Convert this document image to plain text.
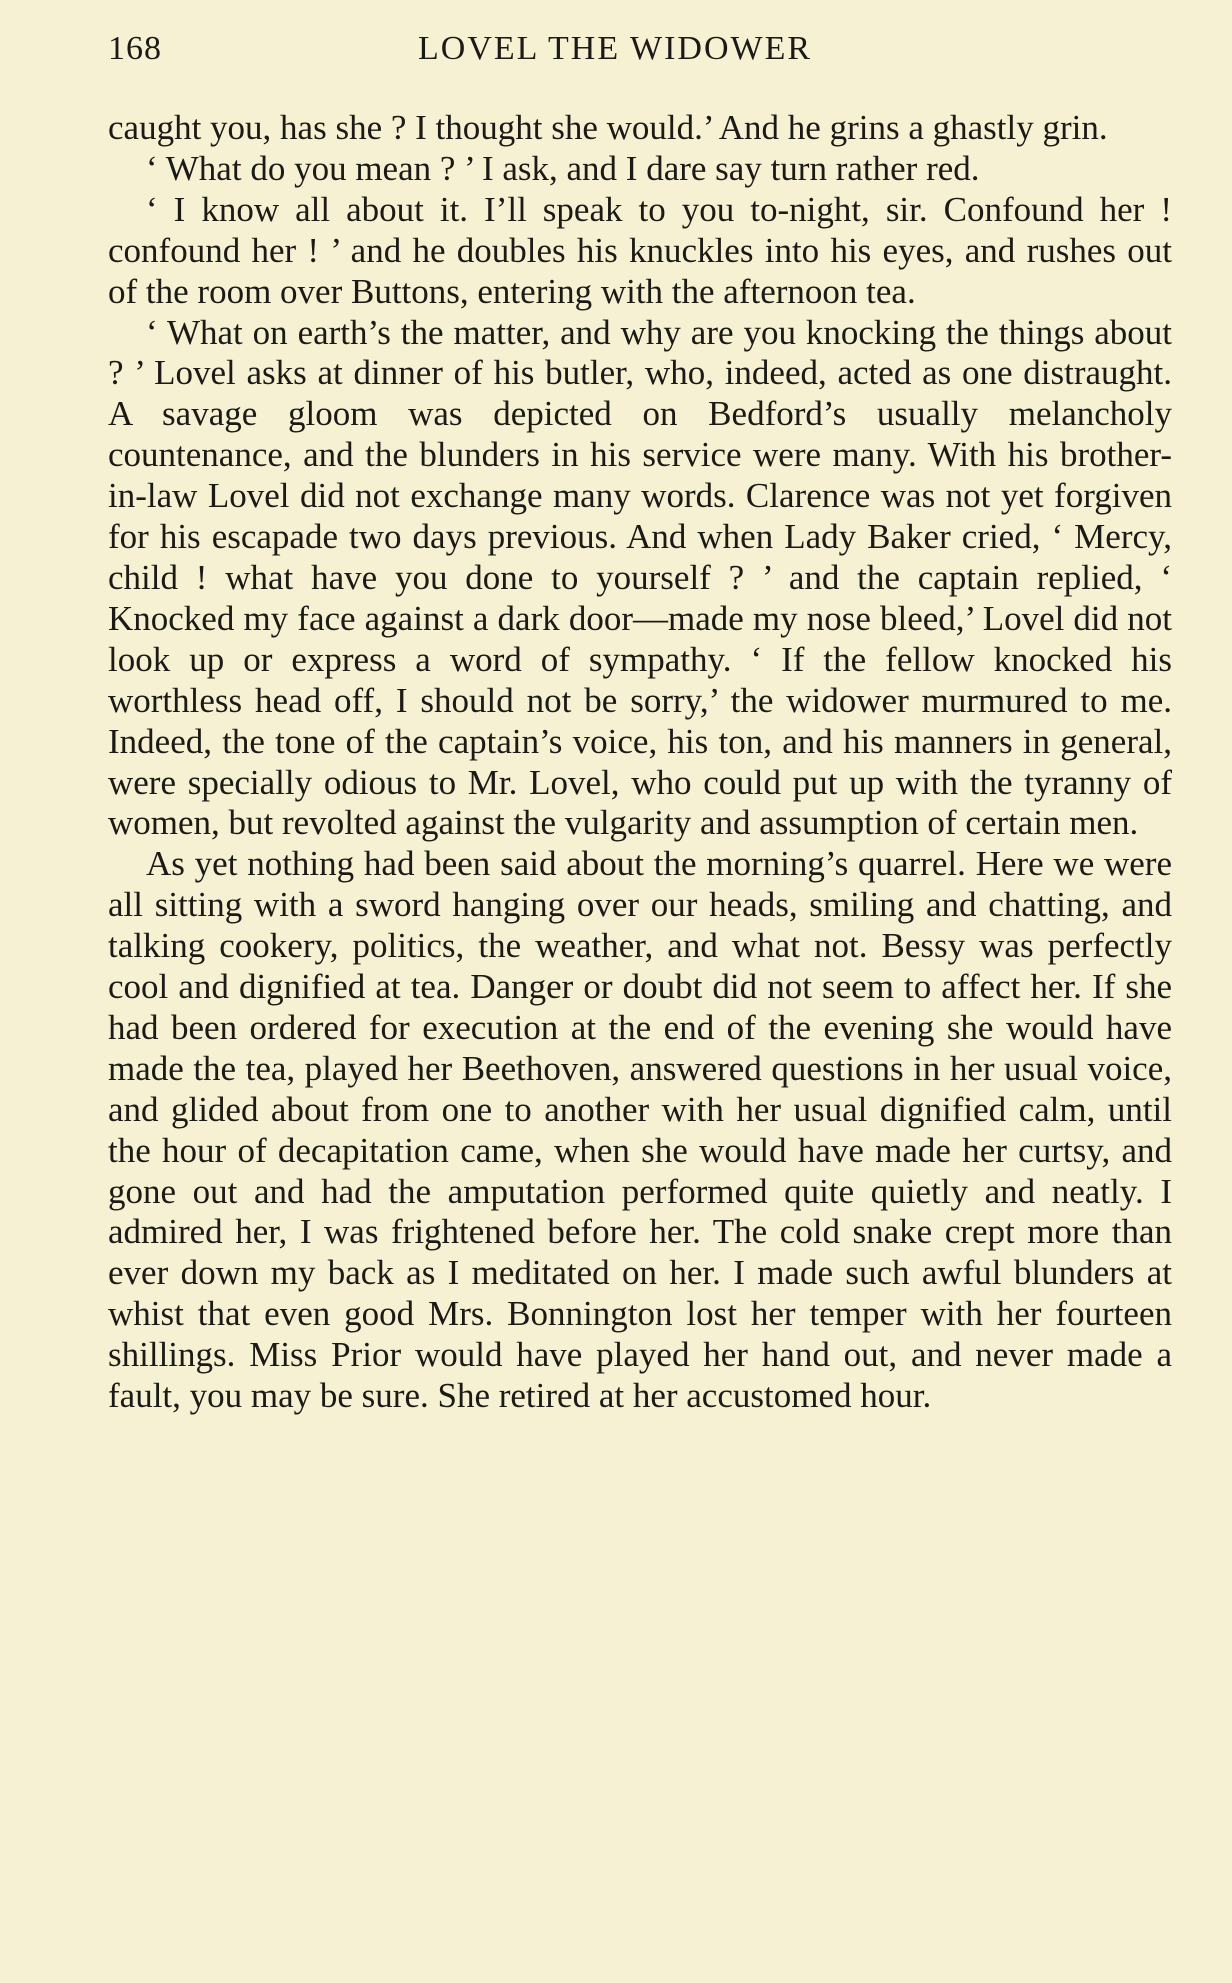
168	LOVEL THE WIDOWER

caught you, has she ? I thought she would.’ And he grins a ghastly grin.

‘ What do you mean ? ’ I ask, and I dare say turn rather red.

‘ I know all about it. I’ll speak to you to-night, sir. Confound her ! confound her ! ’ and he doubles his knuckles into his eyes, and rushes out of the room over Buttons, entering with the afternoon tea.

‘ What on earth’s the matter, and why are you knocking the things about ? ’ Lovel asks at dinner of his butler, who, indeed, acted as one distraught. A savage gloom was depicted on Bedford’s usually melancholy countenance, and the blunders in his service were many. With his brother-in-law Lovel did not exchange many words. Clarence was not yet forgiven for his escapade two days previous. And when Lady Baker cried, ‘ Mercy, child ! what have you done to yourself ? ’ and the captain replied, ‘ Knocked my face against a dark door—made my nose bleed,’ Lovel did not look up or express a word of sympathy. ‘ If the fellow knocked his worthless head off, I should not be sorry,’ the widower murmured to me. Indeed, the tone of the captain’s voice, his ton, and his manners in general, were specially odious to Mr. Lovel, who could put up with the tyranny of women, but revolted against the vulgarity and assumption of certain men.

As yet nothing had been said about the morning’s quarrel. Here we were all sitting with a sword hanging over our heads, smiling and chatting, and talking cookery, politics, the weather, and what not. Bessy was perfectly cool and dignified at tea. Danger or doubt did not seem to affect her. If she had been ordered for execution at the end of the evening she would have made the tea, played her Beethoven, answered questions in her usual voice, and glided about from one to another with her usual dignified calm, until the hour of decapitation came, when she would have made her curtsy, and gone out and had the amputation performed quite quietly and neatly. I admired her, I was frightened before her. The cold snake crept more than ever down my back as I meditated on her. I made such awful blunders at whist that even good Mrs. Bonnington lost her temper with her fourteen shillings. Miss Prior would have played her hand out, and never made a fault, you may be sure. She retired at her accustomed hour.
